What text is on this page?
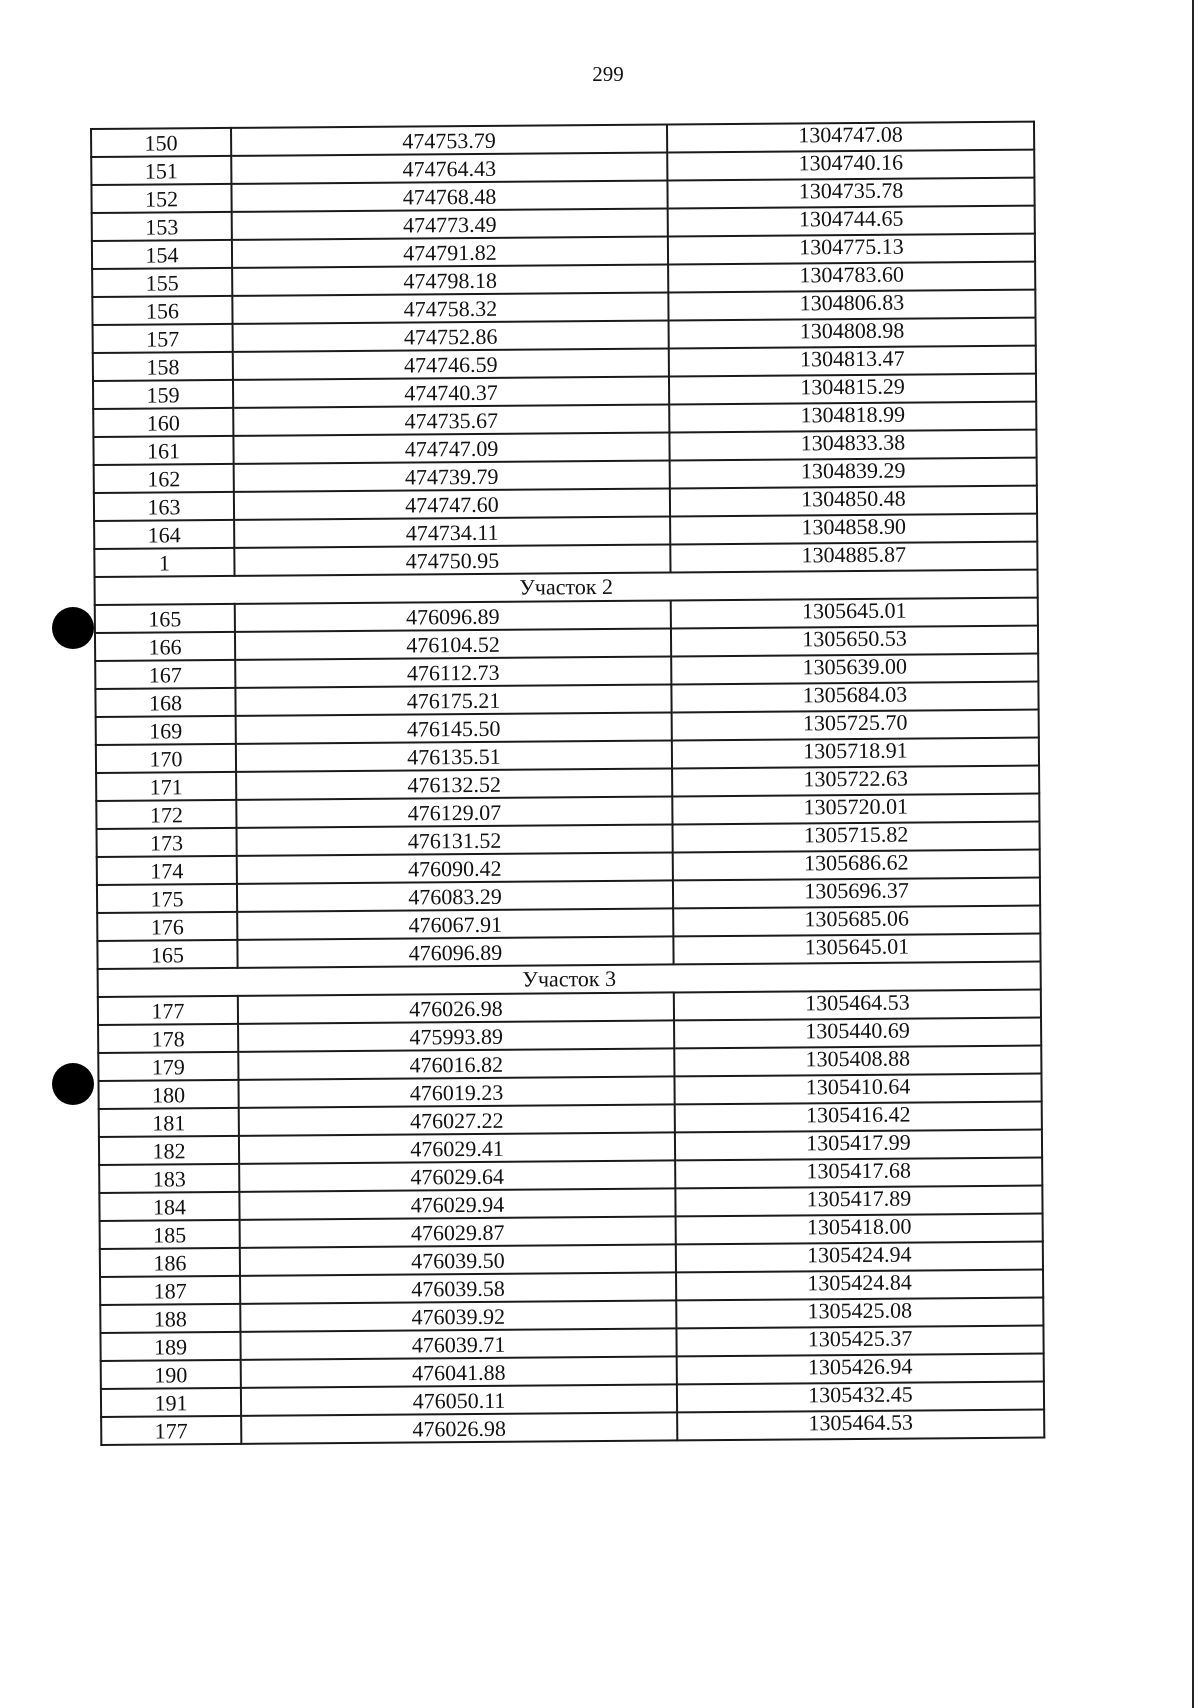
299
150	474753.79	1304747.08
151	474764.43	1304740.16
152	474768.48	1304735.78
153	474773.49	1304744.65
154	474791.82	1304775.13
155	474798.18	1304783.60
156	474758.32	1304806.83
157	474752.86	1304808.98
158	474746.59	1304813.47
159	474740.37	1304815.29
160	474735.67	1304818.99
161	474747.09	1304833.38
162	474739.79	1304839.29
163	474747.60	1304850.48
164	474734.11	1304858.90
1	474750.95	1304885.87
Участок 2		
165	476096.89	1305645.01
166	476104.52	1305650.53
167	476112.73	1305639.00
168	476175.21	1305684.03
169	476145.50	1305725.70
170	476135.51	1305718.91
171	476132.52	1305722.63
172	476129.07	1305720.01
173	476131.52	1305715.82
174	476090.42	1305686.62
175	476083.29	1305696.37
176	476067.91	1305685.06
165	476096.89	1305645.01
Участок 3		
177	476026.98	1305464.53
178	475993.89	1305440.69
179	476016.82	1305408.88
180	476019.23	1305410.64
181	476027.22	1305416.42
182	476029.41	1305417.99
183	476029.64	1305417.68
184	476029.94	1305417.89
185	476029.87	1305418.00
186	476039.50	1305424.94
187	476039.58	1305424.84
188	476039.92	1305425.08
189	476039.71	1305425.37
190	476041.88	1305426.94
191	476050.11	1305432.45
177	476026.98	1305464.53
